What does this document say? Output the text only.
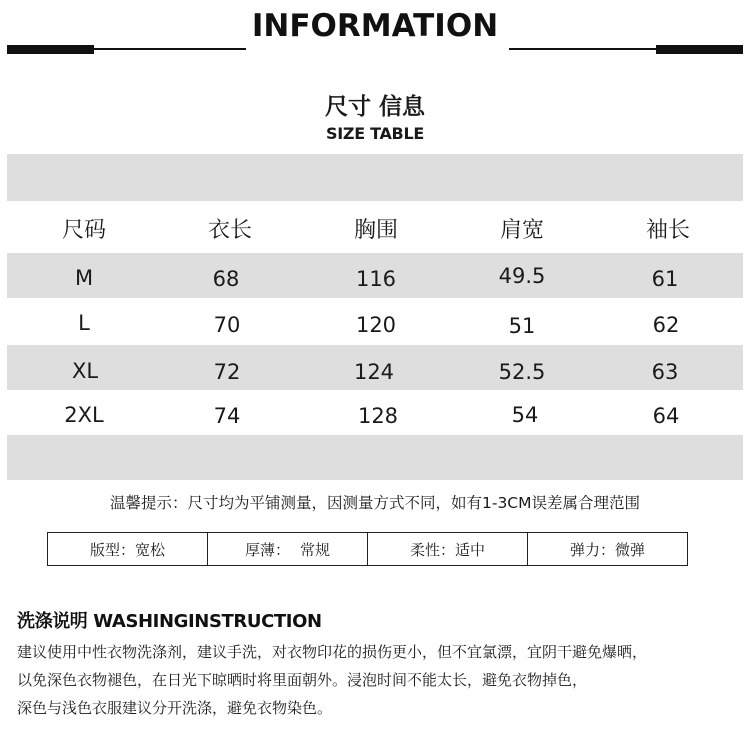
INFORMATION
尺寸 信息
SIZE TABLE
尺码	衣长	胸围	肩宽	袖长
M	68	116	49.5	61
L	70	120	51	62
XL	72	124	52.5	63
2XL	74	128	54	64
温馨提示：尺寸均为平铺测量，因测量方式不同，如有1-3CM误差属合理范围
版型： 宽松	厚薄： 常规	柔性： 适中	弹力： 微弹
洗涤说明 WASHINGINSTRUCTION
建议使用中性衣物洗涤剂，建议手洗，对衣物印花的损伤更小，但不宜氯漂，宜阴干避免爆晒，
以免深色衣物褪色，在日光下晾晒时将里面朝外。浸泡时间不能太长，避免衣物掉色，
深色与浅色衣服建议分开洗涤，避免衣物染色。
